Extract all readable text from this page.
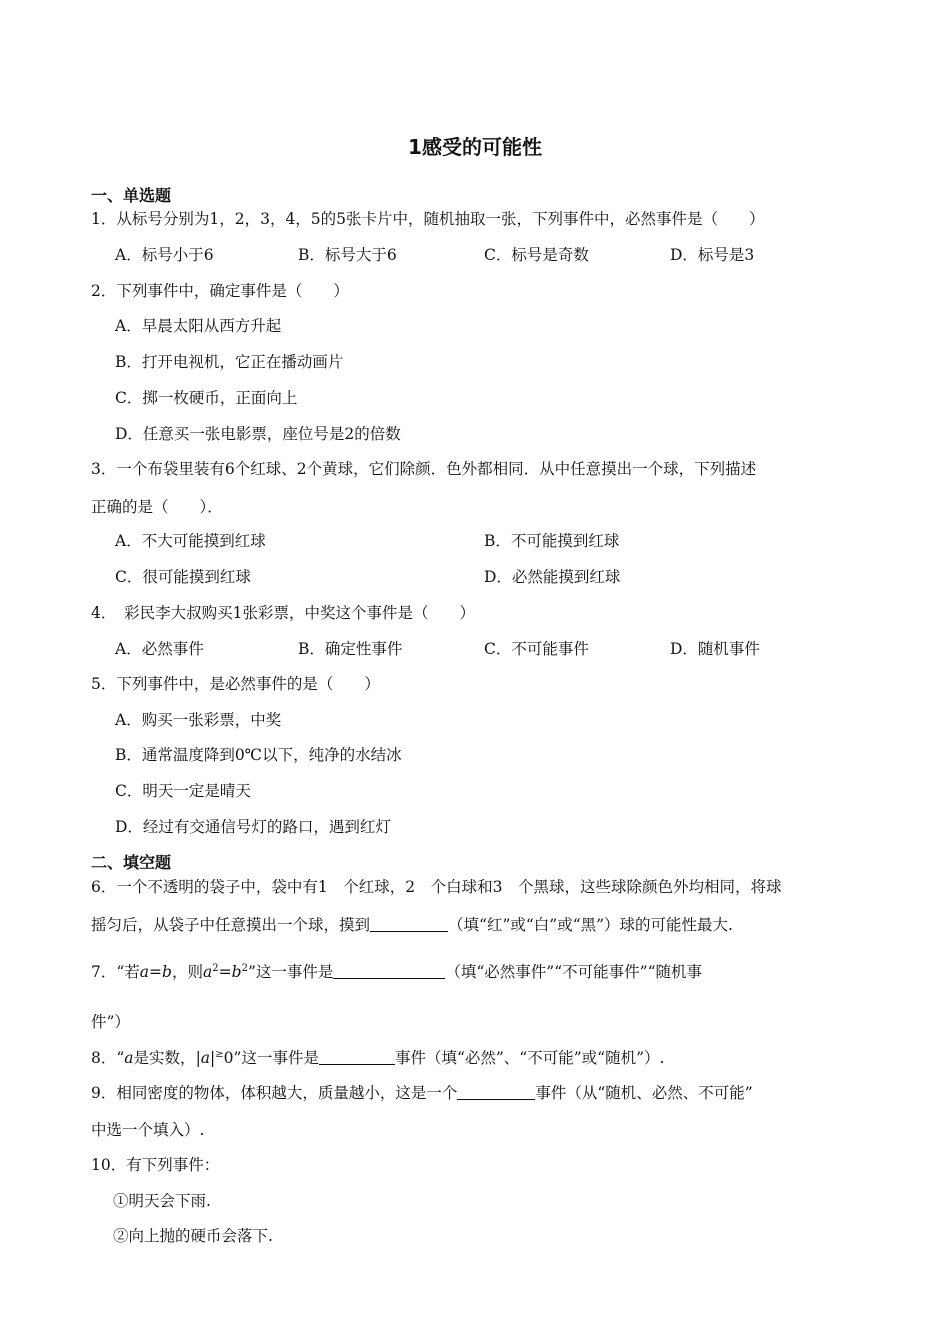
1感受的可能性
一、单选题
1．从标号分别为1，2，3，4，5的5张卡片中，随机抽取一张，下列事件中，必然事件是（　　）
A．标号小于6	B．标号大于6	C．标号是奇数	D．标号是3
2．下列事件中，确定事件是（　　）
A．早晨太阳从西方升起
B．打开电视机，它正在播动画片
C．掷一枚硬币，正面向上
D．任意买一张电影票，座位号是2的倍数
3．一个布袋里装有6个红球、2个黄球，它们除颜．色外都相同．从中任意摸出一个球，下列描述
正确的是（　　）．
A．不大可能摸到红球	B．不可能摸到红球
C．很可能摸到红球	D．必然能摸到红球
4．　彩民李大叔购买1张彩票，中奖这个事件是（　　）
A．必然事件	B．确定性事件	C．不可能事件	D．随机事件
5．下列事件中，是必然事件的是（　　）
A．购买一张彩票，中奖
B．通常温度降到0℃以下，纯净的水结冰
C．明天一定是晴天
D．经过有交通信号灯的路口，遇到红灯
二、填空题
6．一个不透明的袋子中，袋中有1　个红球，2　个白球和3　个黑球，这些球除颜色外均相同，将球
摇匀后，从袋子中任意摸出一个球，摸到	（填“红”或“白”或“黑”）球的可能性最大.
7．“若a=b，则$a^2=b^2$”这一事件是	（填“必然事件”“不可能事件”“随机事
件”）
8．“a是实数，|a|≥0”这一事件是	事件（填“必然”、“不可能”或“随机”）.
9．相同密度的物体，体积越大，质量越小，这是一个	事件（从“随机、必然、不可能”
中选一个填入）.
10．有下列事件：
①明天会下雨.
②向上抛的硬币会落下.
